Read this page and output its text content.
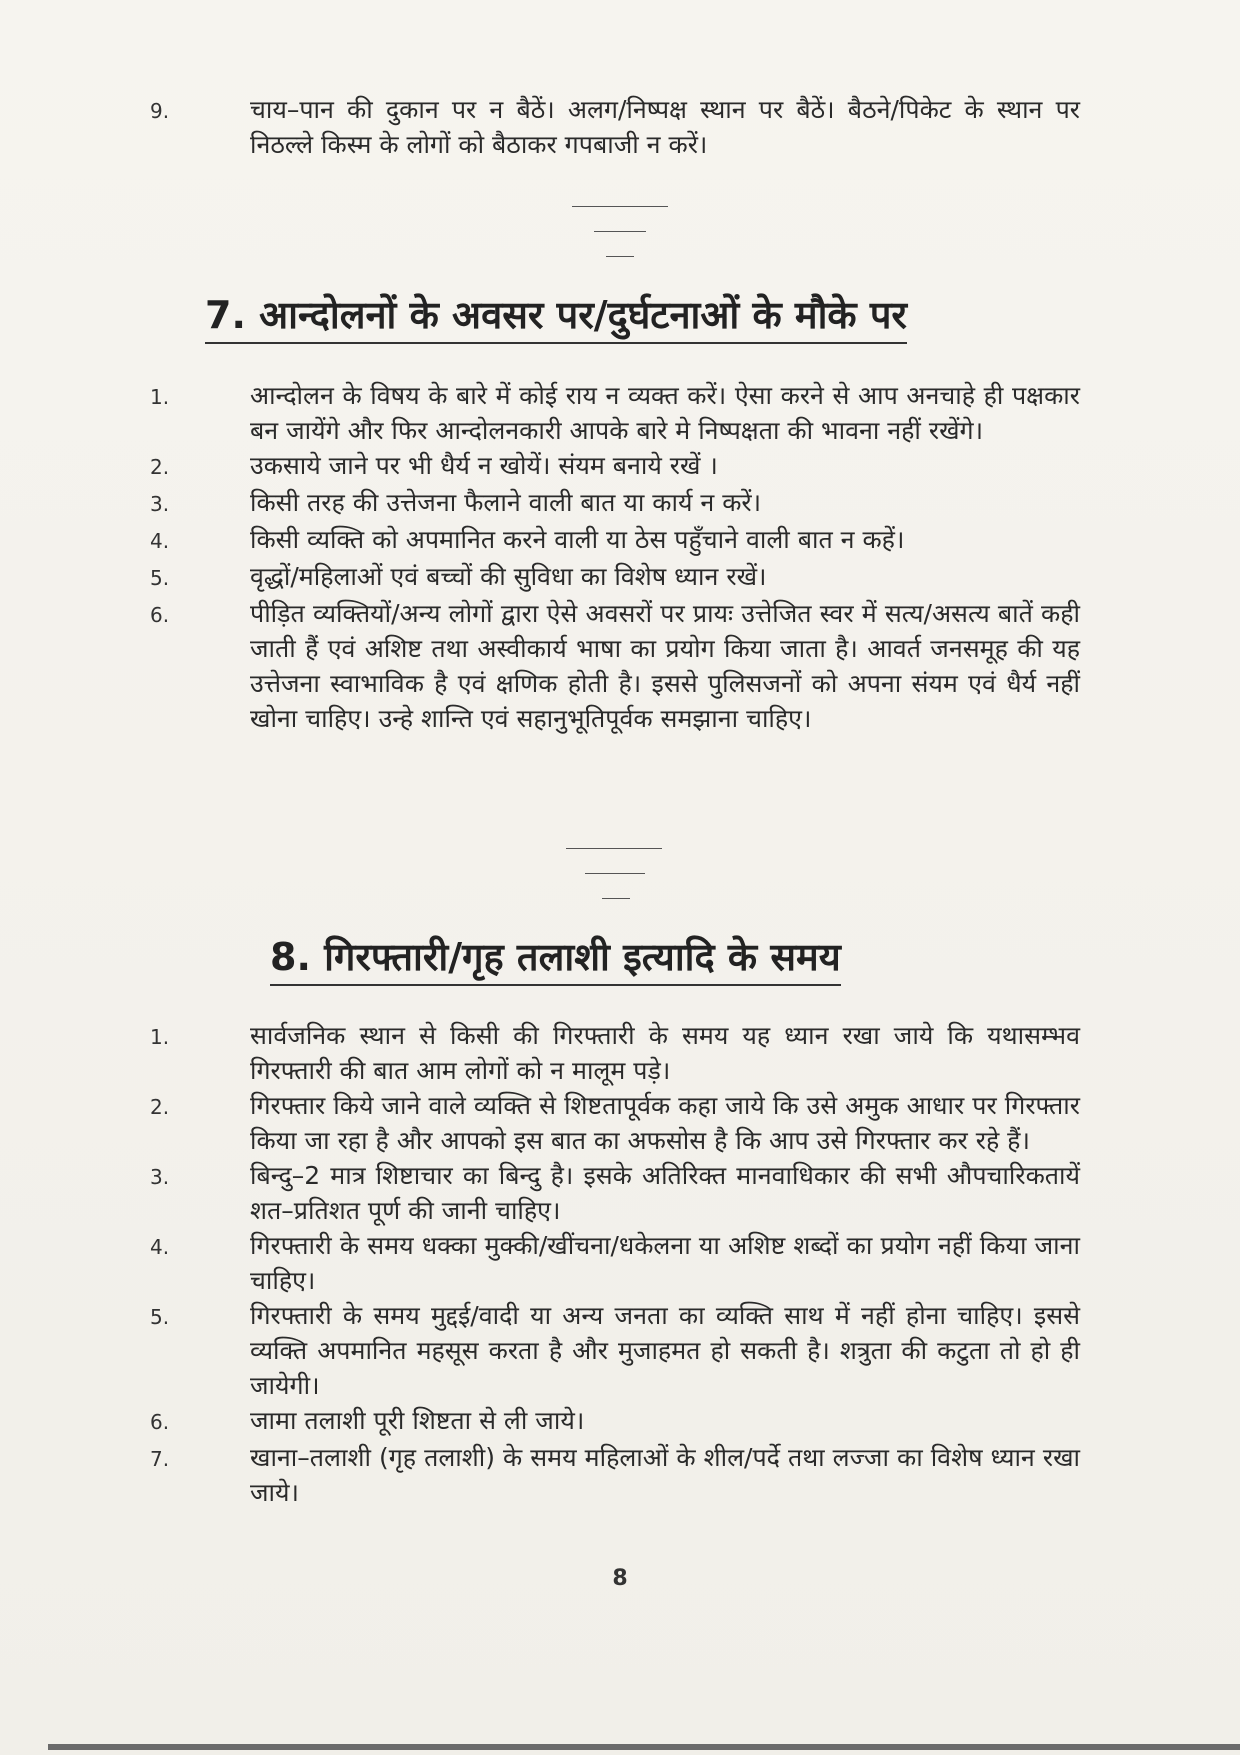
9.	चाय–पान की दुकान पर न बैठें। अलग/निष्पक्ष स्थान पर बैठें। बैठने/पिकेट के स्थान पर निठल्ले किस्म के लोगों को बैठाकर गपबाजी न करें।
7. आन्दोलनों के अवसर पर/दुर्घटनाओं के मौके पर
1.	आन्दोलन के विषय के बारे में कोई राय न व्यक्त करें। ऐसा करने से आप अनचाहे ही पक्षकार बन जायेंगे और फिर आन्दोलनकारी आपके बारे मे निष्पक्षता की भावना नहीं रखेंगे।
2.	उकसाये जाने पर भी धैर्य न खोयें। संयम बनाये रखें ।
3.	किसी तरह की उत्तेजना फैलाने वाली बात या कार्य न करें।
4.	किसी व्यक्ति को अपमानित करने वाली या ठेस पहुँचाने वाली बात न कहें।
5.	वृद्धों/महिलाओं एवं बच्चों की सुविधा का विशेष ध्यान रखें।
6.	पीड़ित व्यक्तियों/अन्य लोगों द्वारा ऐसे अवसरों पर प्रायः उत्तेजित स्वर में सत्य/असत्य बातें कही जाती हैं एवं अशिष्ट तथा अस्वीकार्य भाषा का प्रयोग किया जाता है। आवर्त जनसमूह की यह उत्तेजना स्वाभाविक है एवं क्षणिक होती है। इससे पुलिसजनों को अपना संयम एवं धैर्य नहीं खोना चाहिए। उन्हे शान्ति एवं सहानुभूतिपूर्वक समझाना चाहिए।
8. गिरफ्तारी/गृह तलाशी इत्यादि के समय
1.	सार्वजनिक स्थान से किसी की गिरफ्तारी के समय यह ध्यान रखा जाये कि यथासम्भव गिरफ्तारी की बात आम लोगों को न मालूम पड़े।
2.	गिरफ्तार किये जाने वाले व्यक्ति से शिष्टतापूर्वक कहा जाये कि उसे अमुक आधार पर गिरफ्तार किया जा रहा है और आपको इस बात का अफसोस है कि आप उसे गिरफ्तार कर रहे हैं।
3.	बिन्दु–2 मात्र शिष्टाचार का बिन्दु है। इसके अतिरिक्त मानवाधिकार की सभी औपचारिकतायें शत–प्रतिशत पूर्ण की जानी चाहिए।
4.	गिरफ्तारी के समय धक्का मुक्की/खींचना/धकेलना या अशिष्ट शब्दों का प्रयोग नहीं किया जाना चाहिए।
5.	गिरफ्तारी के समय मुद्दई/वादी या अन्य जनता का व्यक्ति साथ में नहीं होना चाहिए। इससे व्यक्ति अपमानित महसूस करता है और मुजाहमत हो सकती है। शत्रुता की कटुता तो हो ही जायेगी।
6.	जामा तलाशी पूरी शिष्टता से ली जाये।
7.	खाना–तलाशी (गृह तलाशी) के समय महिलाओं के शील/पर्दे तथा लज्जा का विशेष ध्यान रखा जाये।
8
